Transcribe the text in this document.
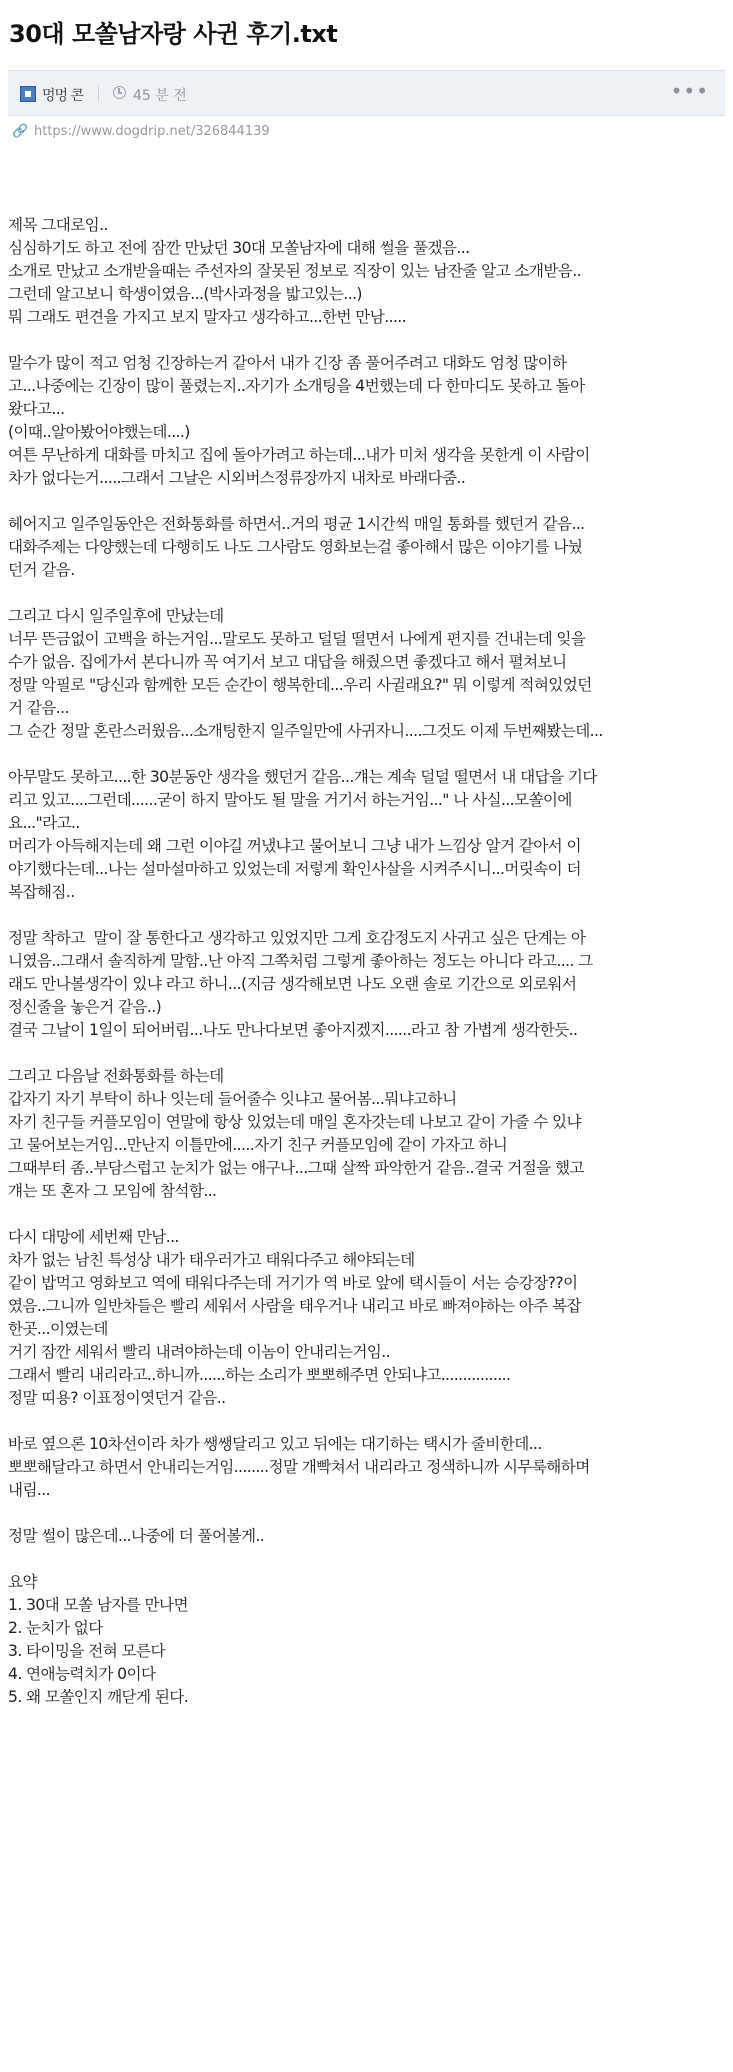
30대 모쏠남자랑 사귄 후기.txt
멍멍 콘	45 분 전	•••
🔗 https://www.dogdrip.net/326844139

제목 그대로임..

심심하기도 하고 전에 잠깐 만났던 30대 모쏠남자에 대해 썰을 풀겠음...

소개로 만났고 소개받을때는 주선자의 잘못된 정보로 직장이 있는 남잔줄 알고 소개받음..

그런데 알고보니 학생이였음...(박사과정을 밟고있는...)

뭐 그래도 편견을 가지고 보지 말자고 생각하고...한번 만남.....

말수가 많이 적고 엄청 긴장하는거 같아서 내가 긴장 좀 풀어주려고 대화도 엄청 많이하

고...나중에는 긴장이 많이 풀렸는지..자기가 소개팅을 4번했는데 다 한마디도 못하고 돌아

왔다고...

(이때..알아봤어야했는데....)

여튼 무난하게 대화를 마치고 집에 돌아가려고 하는데...내가 미처 생각을 못한게 이 사람이

차가 없다는거.....그래서 그날은 시외버스정류장까지 내차로 바래다줌..

헤어지고 일주일동안은 전화통화를 하면서..거의 평균 1시간씩 매일 통화를 했던거 같음...

대화주제는 다양했는데 다행히도 나도 그사람도 영화보는걸 좋아해서 많은 이야기를 나눴

던거 같음.

그리고 다시 일주일후에 만났는데

너무 뜬금없이 고백을 하는거임...말로도 못하고 덜덜 떨면서 나에게 편지를 건내는데 잊을

수가 없음. 집에가서 본다니까 꼭 여기서 보고 대답을 해줬으면 좋겠다고 해서 펼쳐보니

정말 악필로 "당신과 함께한 모든 순간이 행복한데...우리 사귈래요?" 뭐 이렇게 적혀있었던

거 같음...

그 순간 정말 혼란스러웠음...소개팅한지 일주일만에 사귀자니....그것도 이제 두번째봤는데...

아무말도 못하고....한 30분동안 생각을 했던거 같음...걔는 계속 덜덜 떨면서 내 대답을 기다

리고 있고....그런데......굳이 하지 말아도 될 말을 거기서 하는거임..." 나 사실...모쏠이에

요..."라고..

머리가 아득해지는데 왜 그런 이야길 꺼냈냐고 물어보니 그냥 내가 느낌상 알거 같아서 이

야기했다는데...나는 설마설마하고 있었는데 저렇게 확인사살을 시켜주시니...머릿속이 더

복잡해짐..

정말 착하고  말이 잘 통한다고 생각하고 있었지만 그게 호감정도지 사귀고 싶은 단계는 아

니였음..그래서 솔직하게 말함..난 아직 그쪽처럼 그렇게 좋아하는 정도는 아니다 라고.... 그

래도 만나볼생각이 있냐 라고 하니...(지금 생각해보면 나도 오랜 솔로 기간으로 외로워서

정신줄을 놓은거 같음..)

결국 그날이 1일이 되어버림...나도 만나다보면 좋아지겠지......라고 참 가볍게 생각한듯..

그리고 다음날 전화통화를 하는데

갑자기 자기 부탁이 하나 잇는데 들어줄수 잇냐고 물어봄...뭐냐고하니

자기 친구들 커플모임이 연말에 항상 있었는데 매일 혼자갓는데 나보고 같이 가줄 수 있냐

고 물어보는거임...만난지 이틀만에.....자기 친구 커플모임에 같이 가자고 하니

그때부터 좀..부담스럽고 눈치가 없는 애구나...그때 살짝 파악한거 같음..결국 거절을 했고

걔는 또 혼자 그 모임에 참석함...

다시 대망에 세번째 만남...

차가 없는 남친 특성상 내가 태우러가고 태워다주고 해야되는데

같이 밥먹고 영화보고 역에 태워다주는데 거기가 역 바로 앞에 택시들이 서는 승강장??이

였음..그니까 일반차들은 빨리 세워서 사람을 태우거나 내리고 바로 빠져야하는 아주 복잡

한곳...이였는데

거기 잠깐 세워서 빨리 내려야하는데 이놈이 안내리는거임..

그래서 빨리 내리라고..하니까......하는 소리가 뽀뽀해주면 안되냐고................

정말 띠용? 이표정이엿던거 같음..

바로 옆으론 10차선이라 차가 쌩쌩달리고 있고 뒤에는 대기하는 택시가 줄비한데...

뽀뽀해달라고 하면서 안내리는거임........정말 개빡쳐서 내리라고 정색하니까 시무룩해하며

내림...

정말 썰이 많은데...나중에 더 풀어볼게..

요약

1. 30대 모쏠 남자를 만나면

2. 눈치가 없다

3. 타이밍을 전혀 모른다

4. 연애능력치가 0이다

5. 왜 모쏠인지 깨닫게 된다.
